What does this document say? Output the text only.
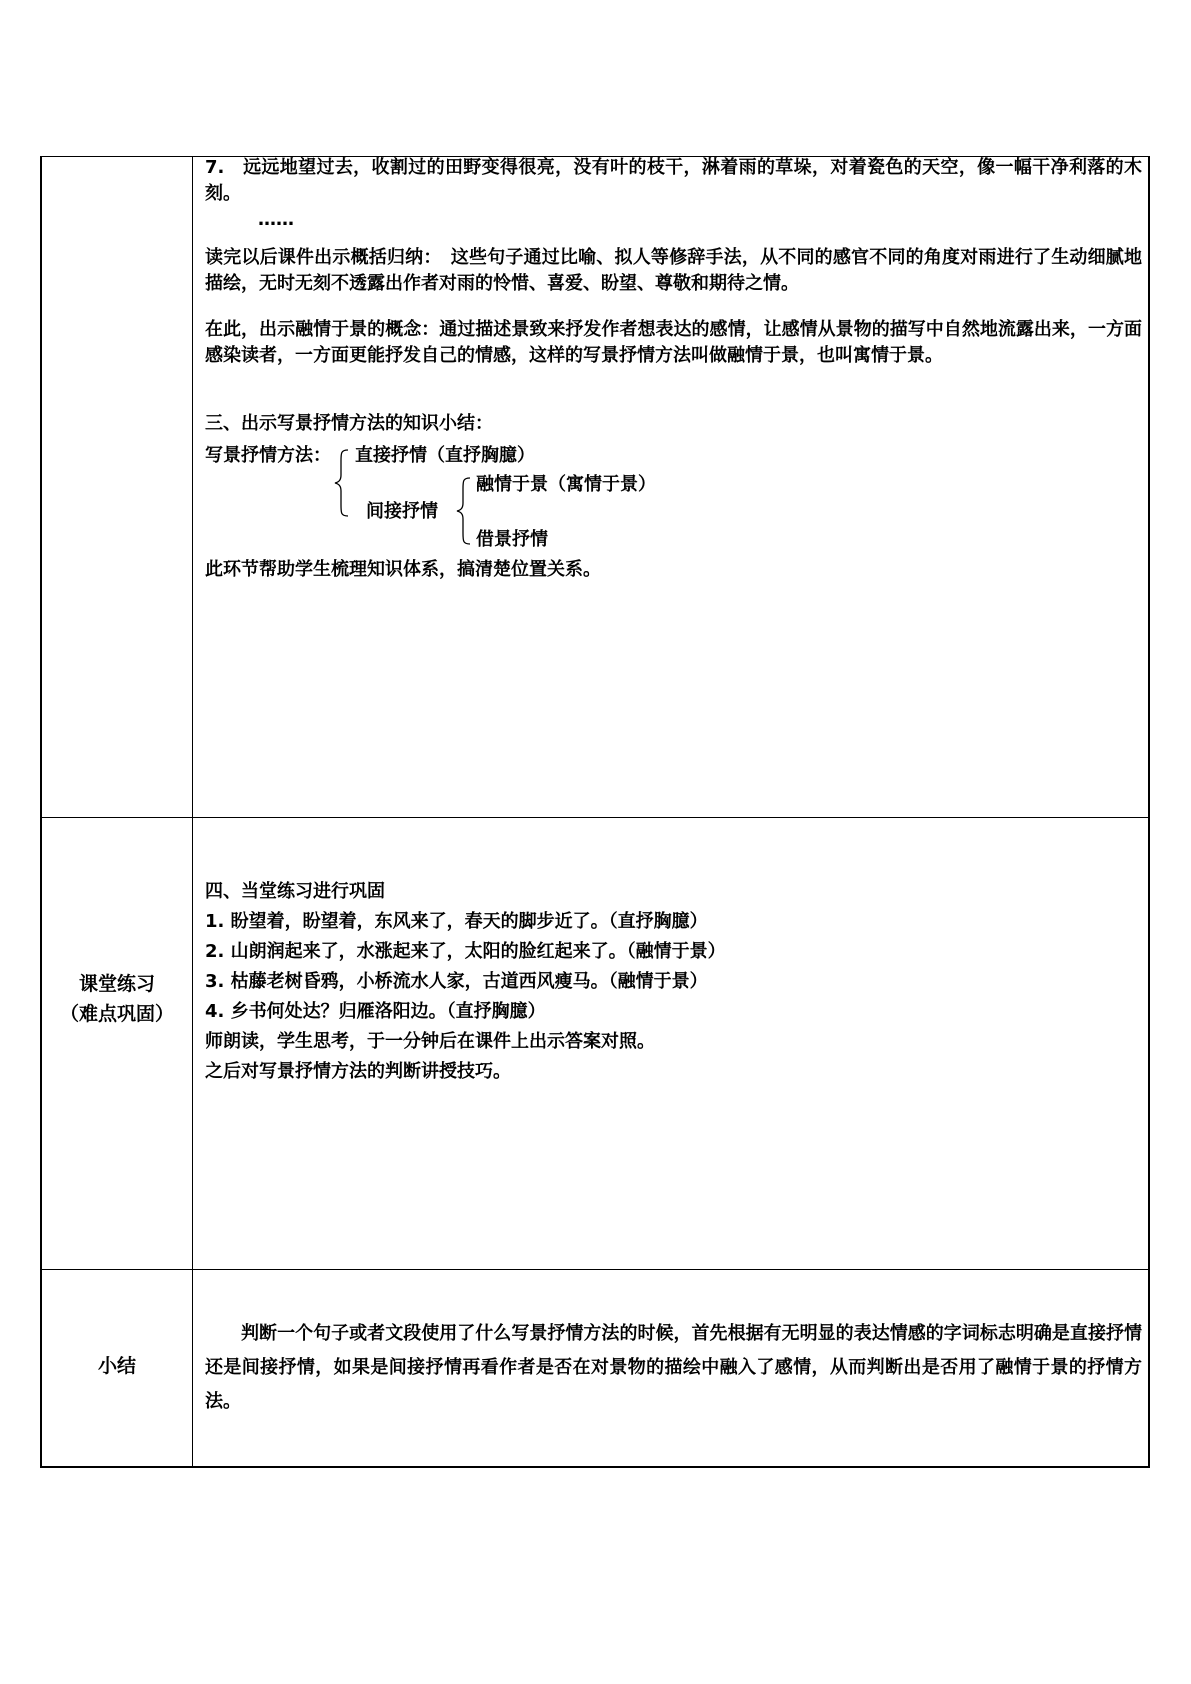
7.　远远地望过去，收割过的田野变得很亮，没有叶的枝干，淋着雨的草垛，对着瓷色的天空，像一幅干净利落的木刻。
……
读完以后课件出示概括归纳：　这些句子通过比喻、拟人等修辞手法，从不同的感官不同的角度对雨进行了生动细腻地描绘，无时无刻不透露出作者对雨的怜惜、喜爱、盼望、尊敬和期待之情。
在此，出示融情于景的概念：通过描述景致来抒发作者想表达的感情，让感情从景物的描写中自然地流露出来，一方面感染读者，一方面更能抒发自己的情感，这样的写景抒情方法叫做融情于景，也叫寓情于景。
三、出示写景抒情方法的知识小结：
写景抒情方法： 直接抒情（直抒胸臆）
间接抒情
融情于景（寓情于景）
借景抒情
此环节帮助学生梳理知识体系，搞清楚位置关系。
课堂练习
（难点巩固）
四、当堂练习进行巩固
1. 盼望着，盼望着，东风来了，春天的脚步近了。（直抒胸臆）
2. 山朗润起来了，水涨起来了，太阳的脸红起来了。（融情于景）
3. 枯藤老树昏鸦，小桥流水人家，古道西风瘦马。（融情于景）
4. 乡书何处达？归雁洛阳边。（直抒胸臆）
师朗读，学生思考，于一分钟后在课件上出示答案对照。
之后对写景抒情方法的判断讲授技巧。
小结
　　判断一个句子或者文段使用了什么写景抒情方法的时候，首先根据有无明显的表达情感的字词标志明确是直接抒情还是间接抒情，如果是间接抒情再看作者是否在对景物的描绘中融入了感情，从而判断出是否用了融情于景的抒情方法。
